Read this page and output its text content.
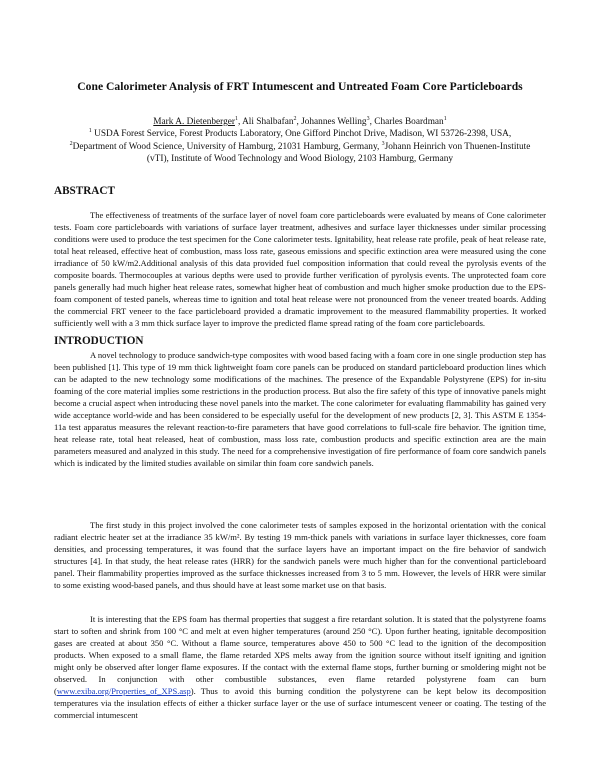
Cone Calorimeter Analysis of FRT Intumescent and Untreated Foam Core Particleboards
Mark A. Dietenberger$^1$, Ali Shalbafan$^2$, Johannes Welling$^3$, Charles Boardman$^1$
$^1$ USDA Forest Service, Forest Products Laboratory, One Gifford Pinchot Drive, Madison, WI 53726-2398, USA,
$^2$Department of Wood Science, University of Hamburg, 21031 Hamburg, Germany, $^3$Johann Heinrich von Thuenen-Institute
(vTI), Institute of Wood Technology and Wood Biology, 2103 Hamburg, Germany
ABSTRACT

The effectiveness of treatments of the surface layer of novel foam core particleboards were evaluated by means of Cone calorimeter tests. Foam core particleboards with variations of surface layer treatment, adhesives and surface layer thicknesses under similar processing conditions were used to produce the test specimen for the Cone calorimeter tests. Ignitability, heat release rate profile, peak of heat release rate, total heat released, effective heat of combustion, mass loss rate, gaseous emissions and specific extinction area were measured using the cone irradiance of 50 kW/m2.Additional analysis of this data provided fuel composition information that could reveal the pyrolysis events of the composite boards. Thermocouples at various depths were used to provide further verification of pyrolysis events. The unprotected foam core panels generally had much higher heat release rates, somewhat higher heat of combustion and much higher smoke production due to the EPS-foam component of tested panels, whereas time to ignition and total heat release were not pronounced from the veneer treated boards. Adding the commercial FRT veneer to the face particleboard provided a dramatic improvement to the measured flammability properties. It worked sufficiently well with a 3 mm thick surface layer to improve the predicted flame spread rating of the foam core particleboards.

INTRODUCTION

A novel technology to produce sandwich-type composites with wood based facing with a foam core in one single production step has been published [1]. This type of 19 mm thick lightweight foam core panels can be produced on standard particleboard production lines which can be adapted to the new technology some modifications of the machines. The presence of the Expandable Polystyrene (EPS) for in-situ foaming of the core material implies some restrictions in the production process. But also the fire safety of this type of innovative panels might become a crucial aspect when introducing these novel panels into the market. The cone calorimeter for evaluating flammability has gained very wide acceptance world-wide and has been considered to be especially useful for the development of new products [2, 3]. This ASTM E 1354-11a test apparatus measures the relevant reaction-to-fire parameters that have good correlations to full-scale fire behavior. The ignition time, heat release rate, total heat released, heat of combustion, mass loss rate, combustion products and specific extinction area are the main parameters measured and analyzed in this study. The need for a comprehensive investigation of fire performance of foam core sandwich panels which is indicated by the limited studies available on similar thin foam core sandwich panels.

The first study in this project involved the cone calorimeter tests of samples exposed in the horizontal orientation with the conical radiant electric heater set at the irradiance 35 kW/m². By testing 19 mm-thick panels with variations in surface layer thicknesses, core foam densities, and processing temperatures, it was found that the surface layers have an important impact on the fire behavior of sandwich structures [4]. In that study, the heat release rates (HRR) for the sandwich panels were much higher than for the conventional particleboard panel. Their flammability properties improved as the surface thicknesses increased from 3 to 5 mm. However, the levels of HRR were similar to some existing wood-based panels, and thus should have at least some market use on that basis.

It is interesting that the EPS foam has thermal properties that suggest a fire retardant solution. It is stated that the polystyrene foams start to soften and shrink from 100 °C and melt at even higher temperatures (around 250 °C). Upon further heating, ignitable decomposition gases are created at about 350 °C. Without a flame source, temperatures above 450 to 500 °C lead to the ignition of the decomposition products. When exposed to a small flame, the flame retarded XPS melts away from the ignition source without itself igniting and ignition might only be observed after longer flame exposures. If the contact with the external flame stops, further burning or smoldering might not be observed. In conjunction with other combustible substances, even flame retarded polystyrene foam can burn (www.exiba.org/Properties_of_XPS.asp). Thus to avoid this burning condition the polystyrene can be kept below its decomposition temperatures via the insulation effects of either a thicker surface layer or the use of surface intumescent veneer or coating. The testing of the commercial intumescent
